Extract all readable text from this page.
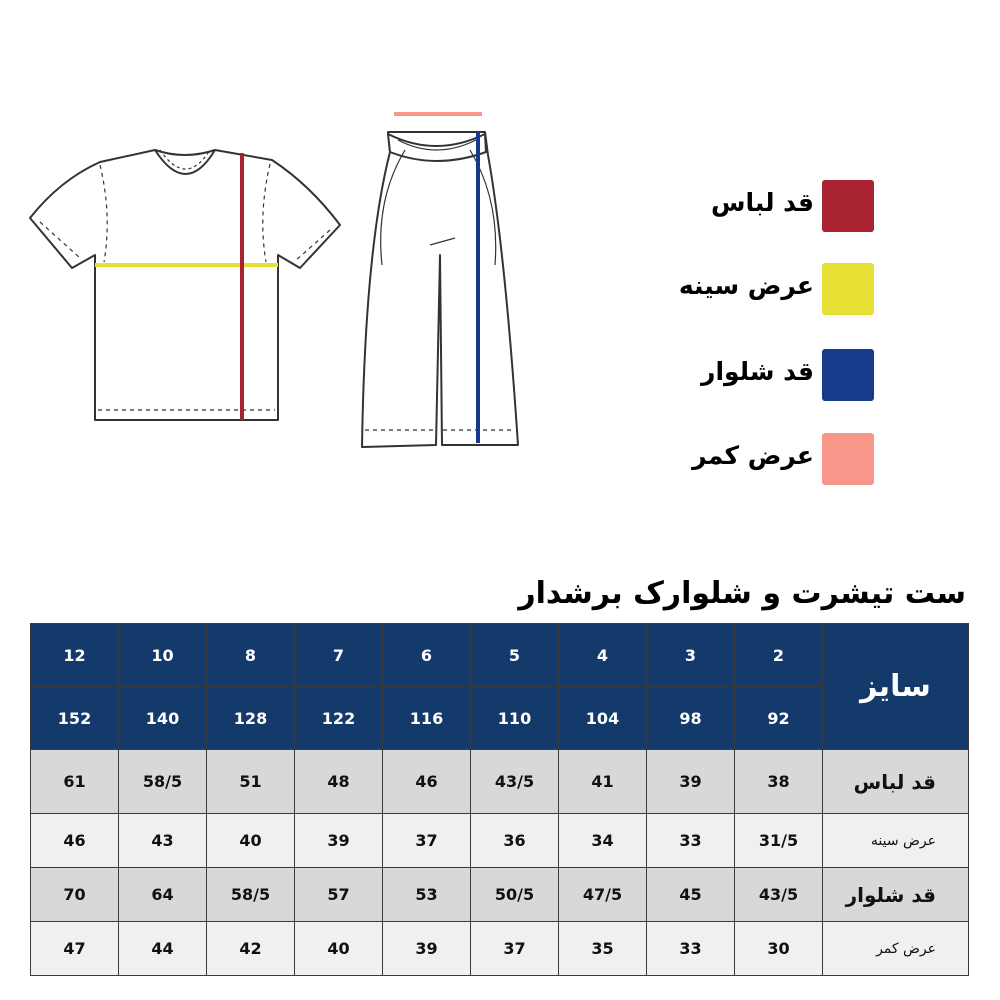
قد لباس
عرض سینه
قد شلوار
عرض کمر
ست تیشرت و شلوارک برشدار
12	10	8	7	6	5	4	3	2	سایز
152	140	128	122	116	110	104	98	92	
61	58/5	51	48	46	43/5	41	39	38	قد لباس
46	43	40	39	37	36	34	33	31/5	عرض سینه
70	64	58/5	57	53	50/5	47/5	45	43/5	قد شلوار
47	44	42	40	39	37	35	33	30	عرض کمر
